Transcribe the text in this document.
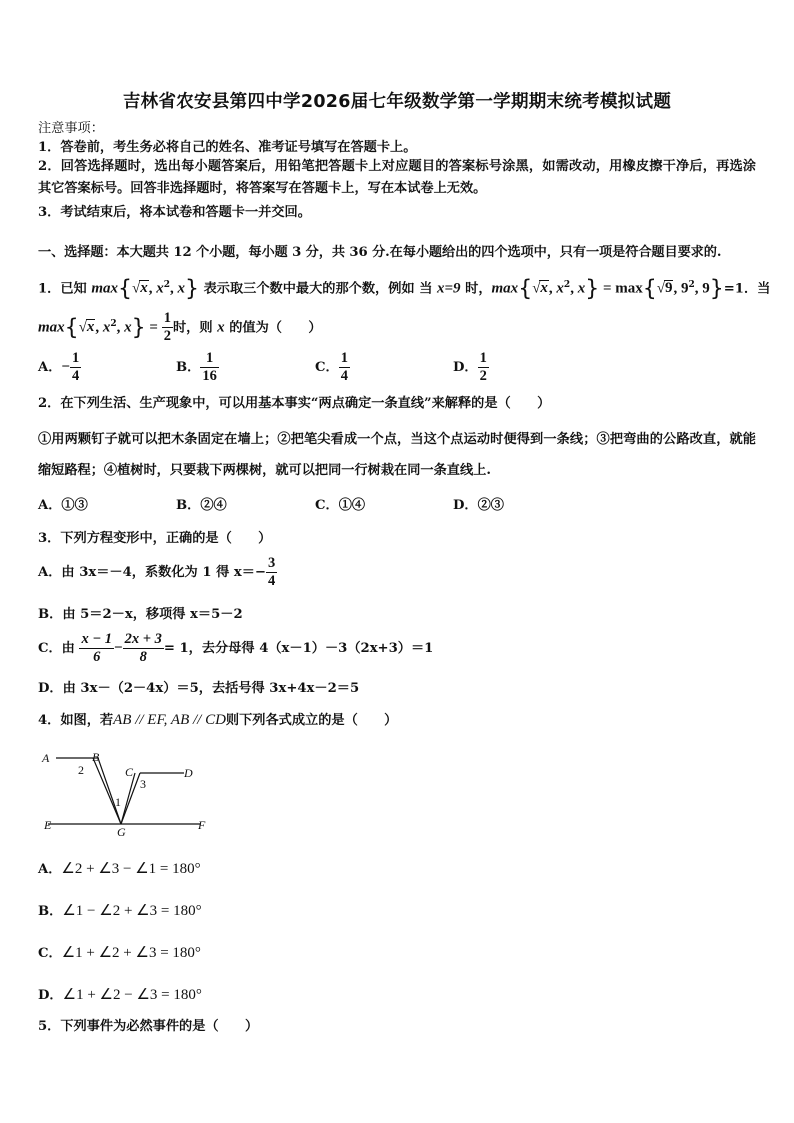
吉林省农安县第四中学2026届七年级数学第一学期期末统考模拟试题
注意事项：
1．答卷前，考生务必将自己的姓名、准考证号填写在答题卡上。
2．回答选择题时，选出每小题答案后，用铅笔把答题卡上对应题目的答案标号涂黑，如需改动，用橡皮擦干净后，再选涂其它答案标号。回答非选择题时，将答案写在答题卡上，写在本试卷上无效。
3．考试结束后，将本试卷和答题卡一并交回。
一、选择题：本大题共 12 个小题，每小题 3 分，共 36 分.在每小题给出的四个选项中，只有一项是符合题目要求的.
1．已知 max{√x, $x^2$, x} 表示取三个数中最大的那个数，例如 当 x=9 时，max{√x, $x^2$, x} = max{√9, $9^2$, 9}=1．当
max{√x, $x^2$, $x\} = \frac{1}{2}$ 时，则 x 的值为（　　）
A．− $\frac{1}{4}$	B． $\frac{1}{16}$	C． $\frac{1}{4}$	D． $\frac{1}{2}$
2．在下列生活、生产现象中，可以用基本事实“两点确定一条直线”来解释的是（　　）
①用两颗钉子就可以把木条固定在墙上；②把笔尖看成一个点，当这个点运动时便得到一条线；③把弯曲的公路改直，就能缩短路程；④植树时，只要栽下两棵树，就可以把同一行树栽在同一条直线上.
A．①③	B．②④	C．①④	D．②③
3．下列方程变形中，正确的是（　　）
A．由 3x＝－4，系数化为 1 得 $x=- \frac{3}{4}$
B．由 5＝2－x，移项得 x＝5－2
C．由 $\frac{x - 1}{6} - \frac{2x + 3}{8} = 1$，去分母得 4（x－1）－3（2x+3）＝1
D．由 3x－（2－4x）＝5，去括号得 3x+4x－2＝5
4．如图，若AB // EF, AB // CD则下列各式成立的是（　　）
A	B
C	D
E	F
G
2
1
3
A．∠2 + ∠3 − ∠1 = 180°
B．∠1 − ∠2 + ∠3 = 180°
C．∠1 + ∠2 + ∠3 = 180°
D．∠1 + ∠2 − ∠3 = 180°
5．下列事件为必然事件的是（　　）
